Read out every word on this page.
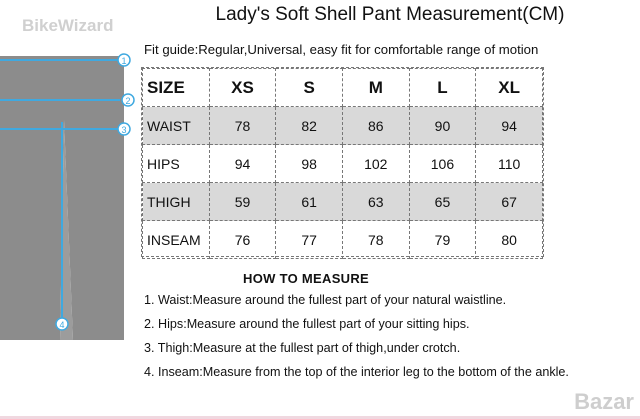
BikeWizard
Lady's Soft Shell Pant Measurement(CM)
1
2
3
4
Fit guide:Regular,Universal, easy fit for comfortable range of motion
SIZE	XS	S	M	L	XL
WAIST	78	82	86	90	94
HIPS	94	98	102	106	110
THIGH	59	61	63	65	67
INSEAM	76	77	78	79	80
HOW TO MEASURE
1. Waist:Measure around the fullest part of your natural waistline.
2. Hips:Measure around the fullest part of your sitting hips.
3. Thigh:Measure at the fullest part of thigh,under crotch.
4. Inseam:Measure from the top of the interior leg to the bottom of the ankle.
Bazar
